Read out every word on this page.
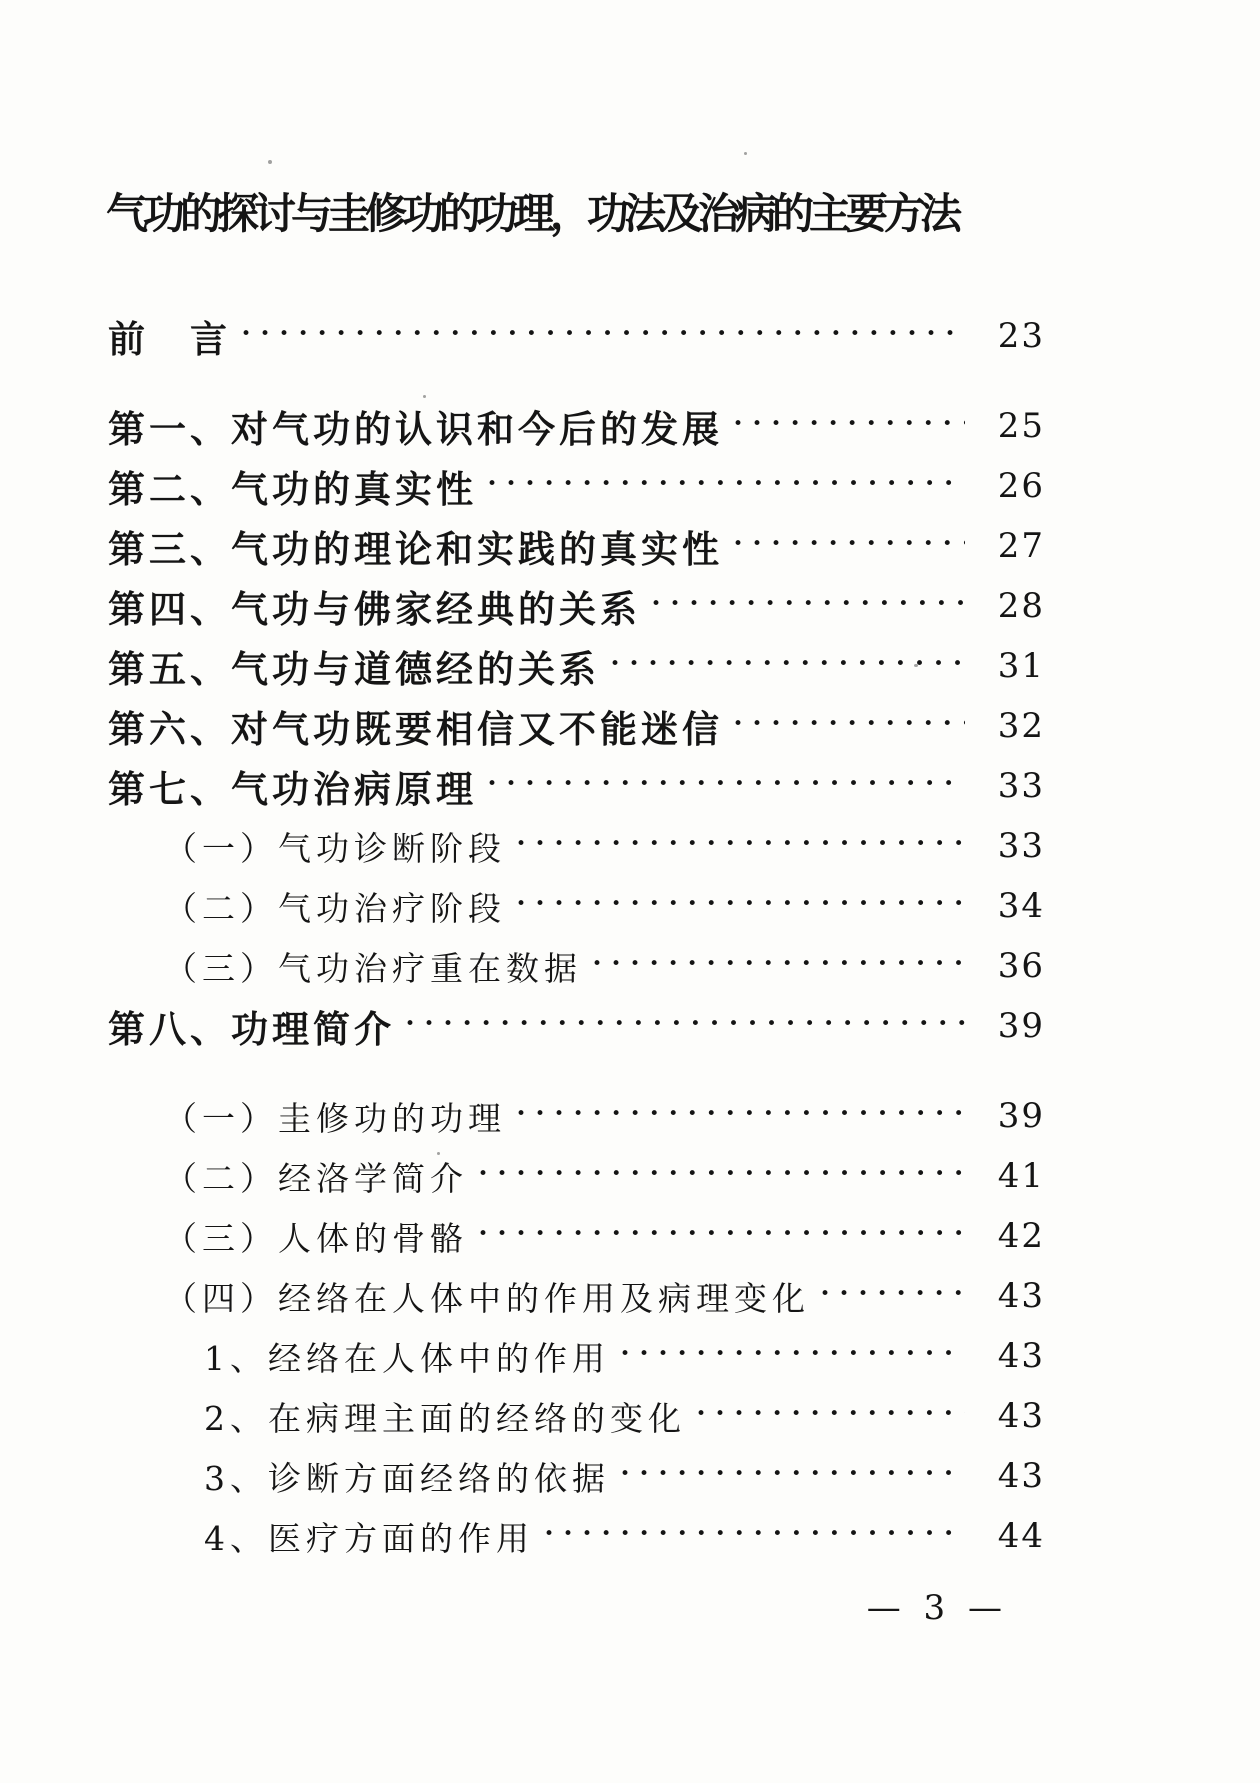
气功的探讨与圭修功的功理，功法及治病的主要方法
前　言 •••••	23
第一、对气功的认识和今后的发展 •••••	25
第二、气功的真实性 •••••	26
第三、气功的理论和实践的真实性 •••••	27
第四、气功与佛家经典的关系 •••••	28
第五、气功与道德经的关系 •••••	31
第六、对气功既要相信又不能迷信 •••••	32
第七、气功治病原理 •••••	33
（一）气功诊断阶段 •••••	33
（二）气功治疗阶段 •••••	34
（三）气功治疗重在数据 •••••	36
第八、功理简介 •••••	39
（一）圭修功的功理 •••••	39
（二）经洛学简介 •••••	41
（三）人体的骨骼 •••••	42
（四）经络在人体中的作用及病理变化 •••••	43
1、经络在人体中的作用 •••••	43
2、在病理主面的经络的变化 •••••	43
3、诊断方面经络的依据 •••••	43
4、医疗方面的作用 •••••	44
— 3 —
